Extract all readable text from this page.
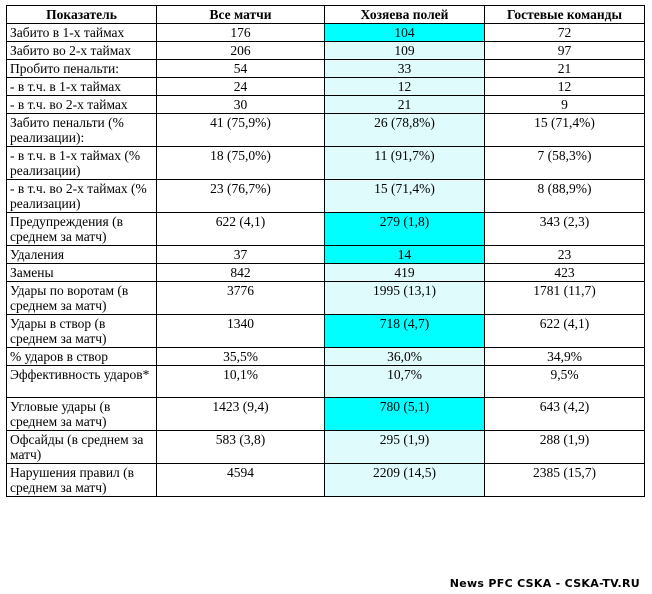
Показатель	Все матчи	Хозяева полей	Гостевые команды
Забито в 1-х таймах	176	104	72
Забито во 2-х таймах	206	109	97
Пробито пенальти:	54	33	21
- в т.ч. в 1-х таймах	24	12	12
- в т.ч. во 2-х таймах	30	21	9
Забито пенальти (% реализации):	41 (75,9%)	26 (78,8%)	15 (71,4%)
- в т.ч. в 1-х таймах (% реализации)	18 (75,0%)	11 (91,7%)	7 (58,3%)
- в т.ч. во 2-х таймах (% реализации)	23 (76,7%)	15 (71,4%)	8 (88,9%)
Предупреждения (в среднем за матч)	622 (4,1)	279 (1,8)	343 (2,3)
Удаления	37	14	23
Замены	842	419	423
Удары по воротам (в среднем за матч)	3776	1995 (13,1)	1781 (11,7)
Удары в створ (в среднем за матч)	1340	718 (4,7)	622 (4,1)
% ударов в створ	35,5%	36,0%	34,9%
Эффективность ударов*	10,1%	10,7%	9,5%
Угловые удары (в среднем за матч)	1423 (9,4)	780 (5,1)	643 (4,2)
Офсайды (в среднем за матч)	583 (3,8)	295 (1,9)	288 (1,9)
Нарушения правил (в среднем за матч)	4594	2209 (14,5)	2385 (15,7)
News PFC CSKA - CSKA-TV.RU
